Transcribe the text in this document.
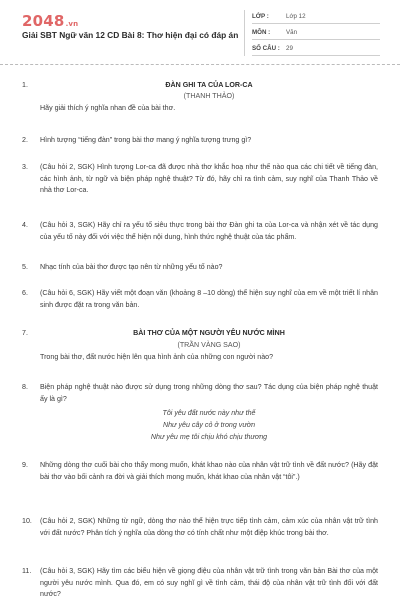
2048.vn
Giải SBT Ngữ văn 12 CD Bài 8: Thơ hiện đại có đáp án
LỚP :	Lớp 12
MÔN :	Văn
SỐ CÂU : 29
1.	ĐÀN GHI TA CỦA LOR-CA
(THANH THẢO)
Hãy giải thích ý nghĩa nhan đề của bài thơ.
2. Hình tượng “tiếng đàn” trong bài thơ mang ý nghĩa tượng trưng gì?
3. (Câu hỏi 2, SGK) Hình tượng Lor-ca đã được nhà thơ khắc hoạ như thế nào qua các chi tiết về tiếng đàn, các hình ảnh, từ ngữ và biện pháp nghệ thuật? Từ đó, hãy chỉ ra tình cảm, suy nghĩ của Thanh Thảo về nhà thơ Lor-ca.
4. (Câu hỏi 3, SGK) Hãy chỉ ra yếu tố siêu thực trong bài thơ Đàn ghi ta của Lor-ca và nhận xét về tác dụng của yếu tố này đối với việc thể hiện nội dung, hình thức nghệ thuật của tác phẩm.
5. Nhạc tính của bài thơ được tạo nên từ những yếu tố nào?
6. (Câu hỏi 6, SGK) Hãy viết một đoạn văn (khoảng 8 –10 dòng) thể hiện suy nghĩ của em về một triết lí nhân sinh được đặt ra trong văn bản.
7.	BÀI THƠ CỦA MỘT NGƯỜI YÊU NƯỚC MÌNH
(TRẦN VÀNG SAO)
Trong bài thơ, đất nước hiện lên qua hình ảnh của những con người nào?
8. Biện pháp nghệ thuật nào được sử dụng trong những dòng thơ sau? Tác dụng của biện pháp nghệ thuật ấy là gì?
Tôi yêu đất nước này như thế
Như yêu cây cỏ ở trong vườn
Như yêu mẹ tôi chịu khó chịu thương
9. Những dòng thơ cuối bài cho thấy mong muốn, khát khao nào của nhân vật trữ tình về đất nước? (Hãy đặt bài thơ vào bối cảnh ra đời và giải thích mong muốn, khát khao của nhân vật “tôi”.)
10. (Câu hỏi 2, SGK) Những từ ngữ, dòng thơ nào thể hiện trực tiếp tình cảm, cảm xúc của nhân vật trữ tình với đất nước? Phân tích ý nghĩa của dòng thơ có tính chất như một điệp khúc trong bài thơ.
11. (Câu hỏi 3, SGK) Hãy tìm các biểu hiện về giọng điệu của nhân vật trữ tình trong văn bản Bài thơ của một người yêu nước mình. Qua đó, em có suy nghĩ gì về tình cảm, thái độ của nhân vật trữ tình đối với đất nước?
